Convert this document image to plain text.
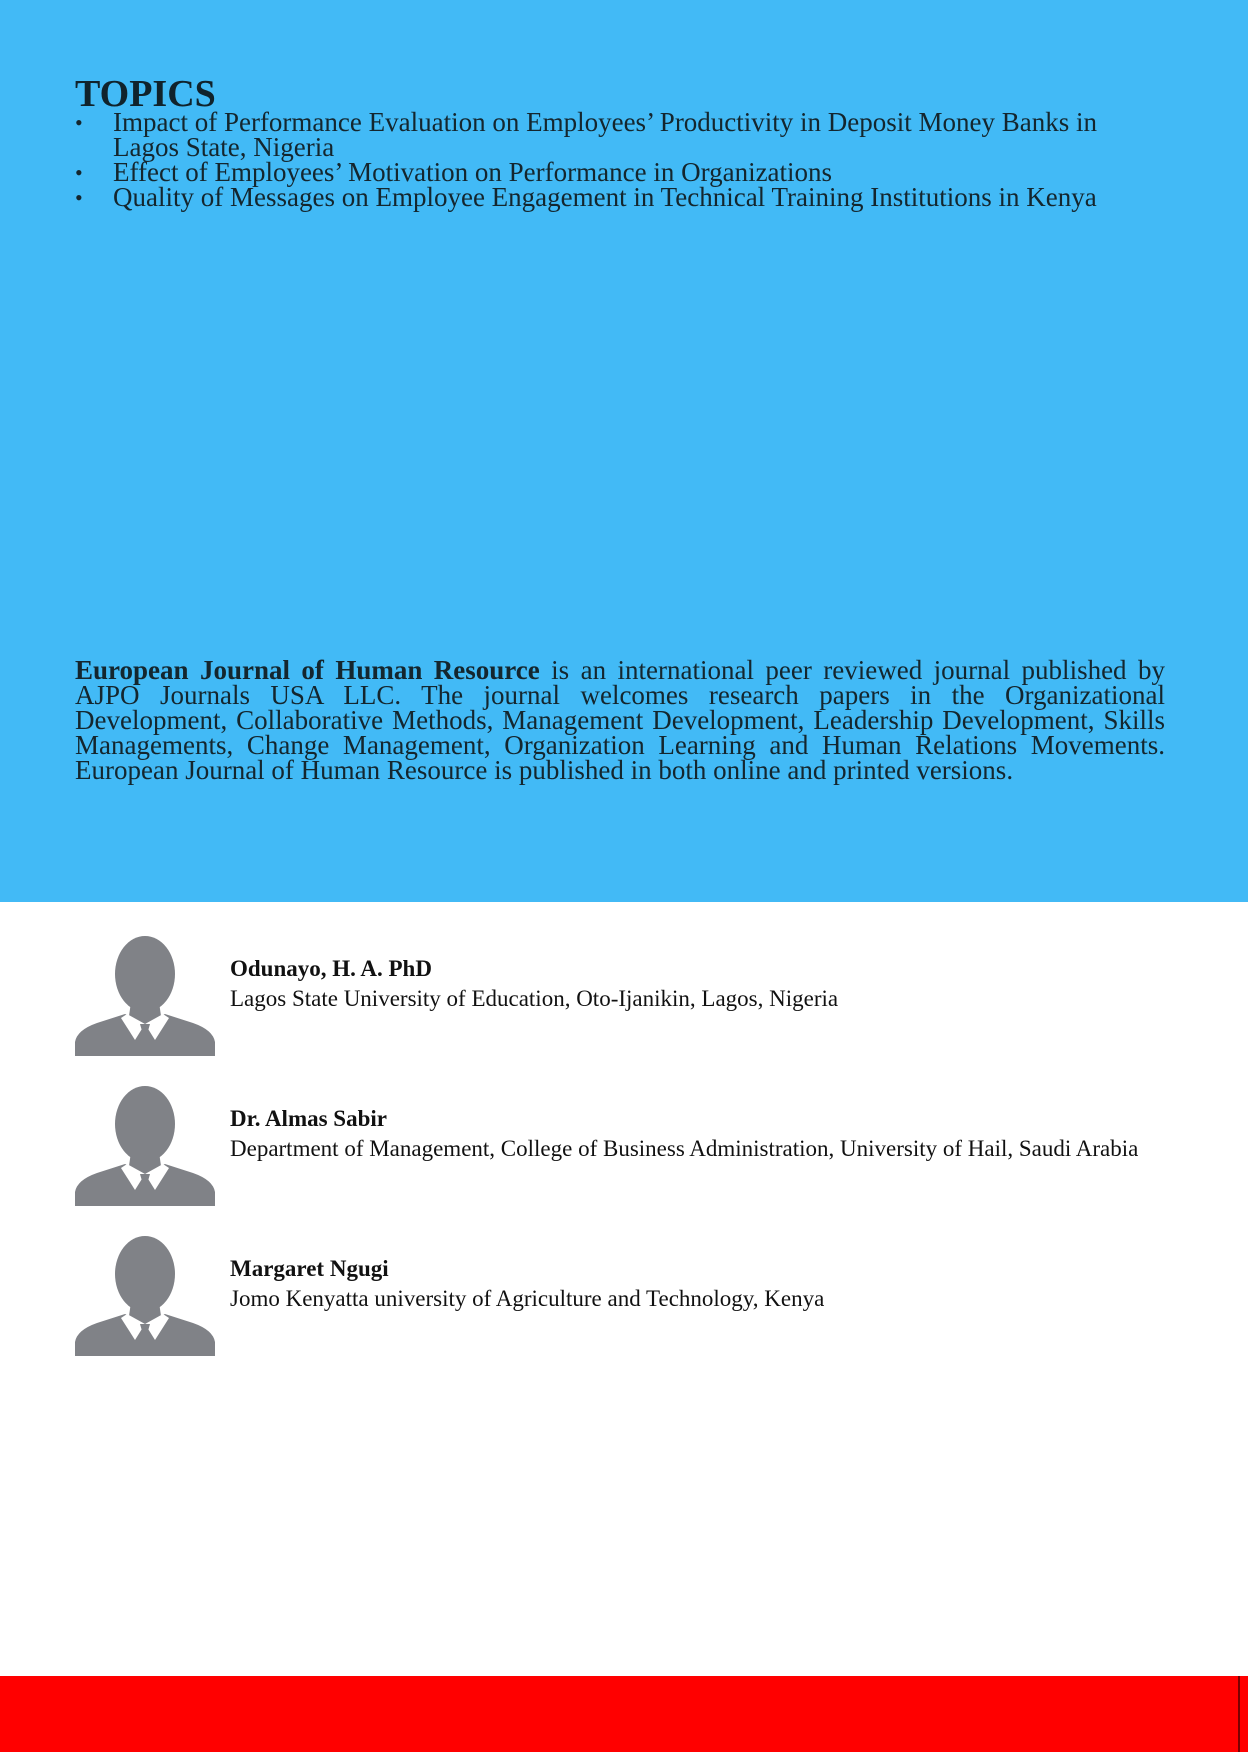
TOPICS
• Impact of Performance Evaluation on Employees’ Productivity in Deposit Money Banks in Lagos State, Nigeria
• Effect of Employees’ Motivation on Performance in Organizations
• Quality of Messages on Employee Engagement in Technical Training Institutions in Kenya

European Journal of Human Resource is an international peer reviewed journal published by AJPO Journals USA LLC. The journal welcomes research papers in the Organizational Development, Collaborative Methods, Management Development, Leadership Development, Skills Managements, Change Management, Organization Learning and Human Relations Movements. European Journal of Human Resource is published in both online and printed versions.

Odunayo, H. A. PhD
Lagos State University of Education, Oto-Ijanikin, Lagos, Nigeria
Dr. Almas Sabir
Department of Management, College of Business Administration, University of Hail, Saudi Arabia
Margaret Ngugi
Jomo Kenyatta university of Agriculture and Technology, Kenya
